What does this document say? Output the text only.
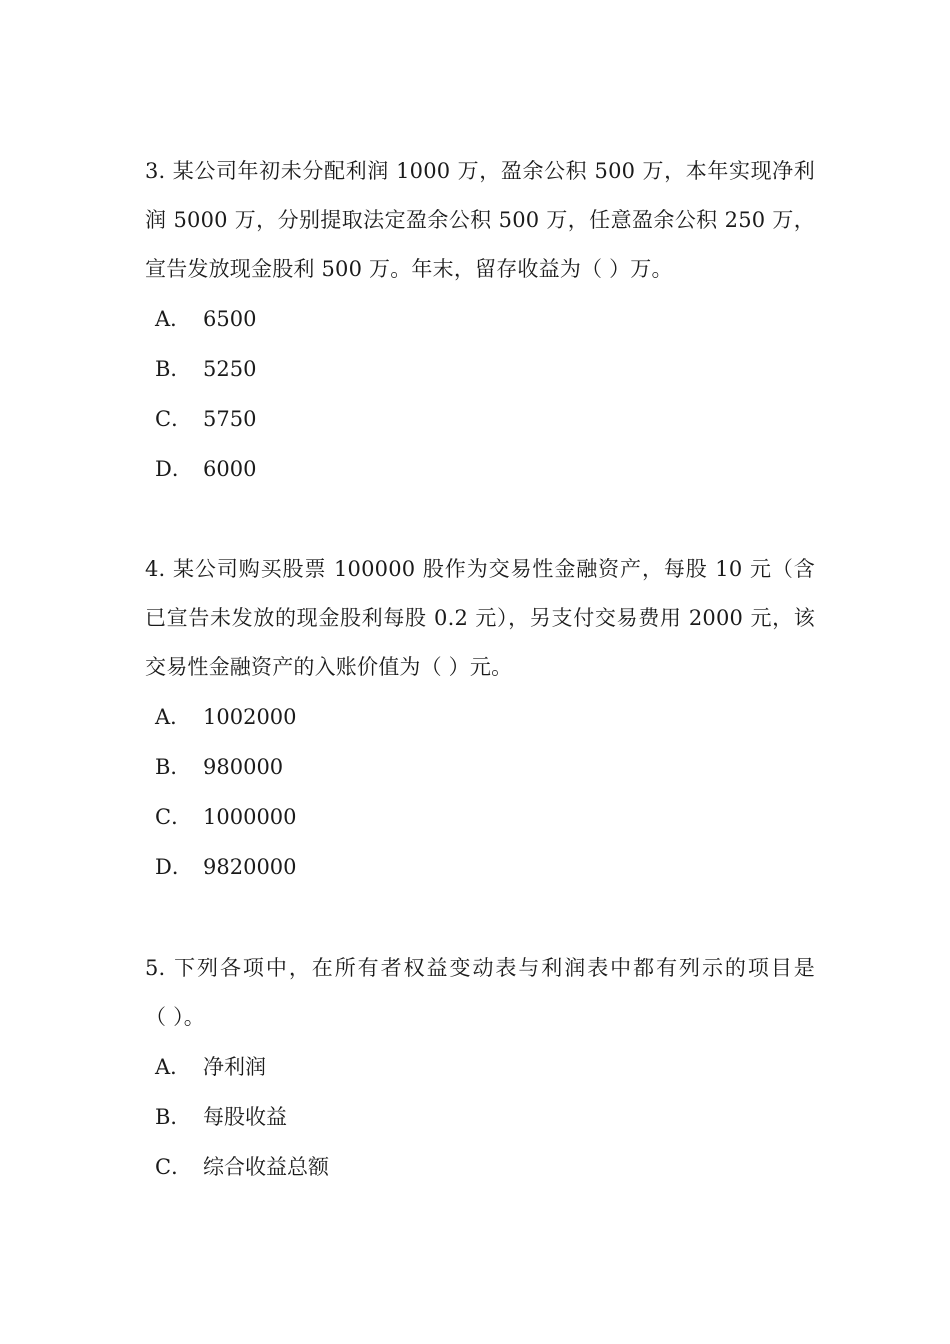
3. 某公司年初未分配利润 1000 万，盈余公积 500 万，本年实现净利
润 5000 万，分别提取法定盈余公积 500 万，任意盈余公积 250 万，
宣告发放现金股利 500 万。年末，留存收益为（ ）万。
A． 6500
B． 5250
C． 5750
D． 6000
4. 某公司购买股票 100000 股作为交易性金融资产，每股 10 元（含
已宣告未发放的现金股利每股 0.2 元），另支付交易费用 2000 元，该
交易性金融资产的入账价值为（ ）元。
A． 1002000
B． 980000
C． 1000000
D． 9820000
5. 下列各项中，在所有者权益变动表与利润表中都有列示的项目是
（ ）。
A． 净利润
B． 每股收益
C． 综合收益总额
